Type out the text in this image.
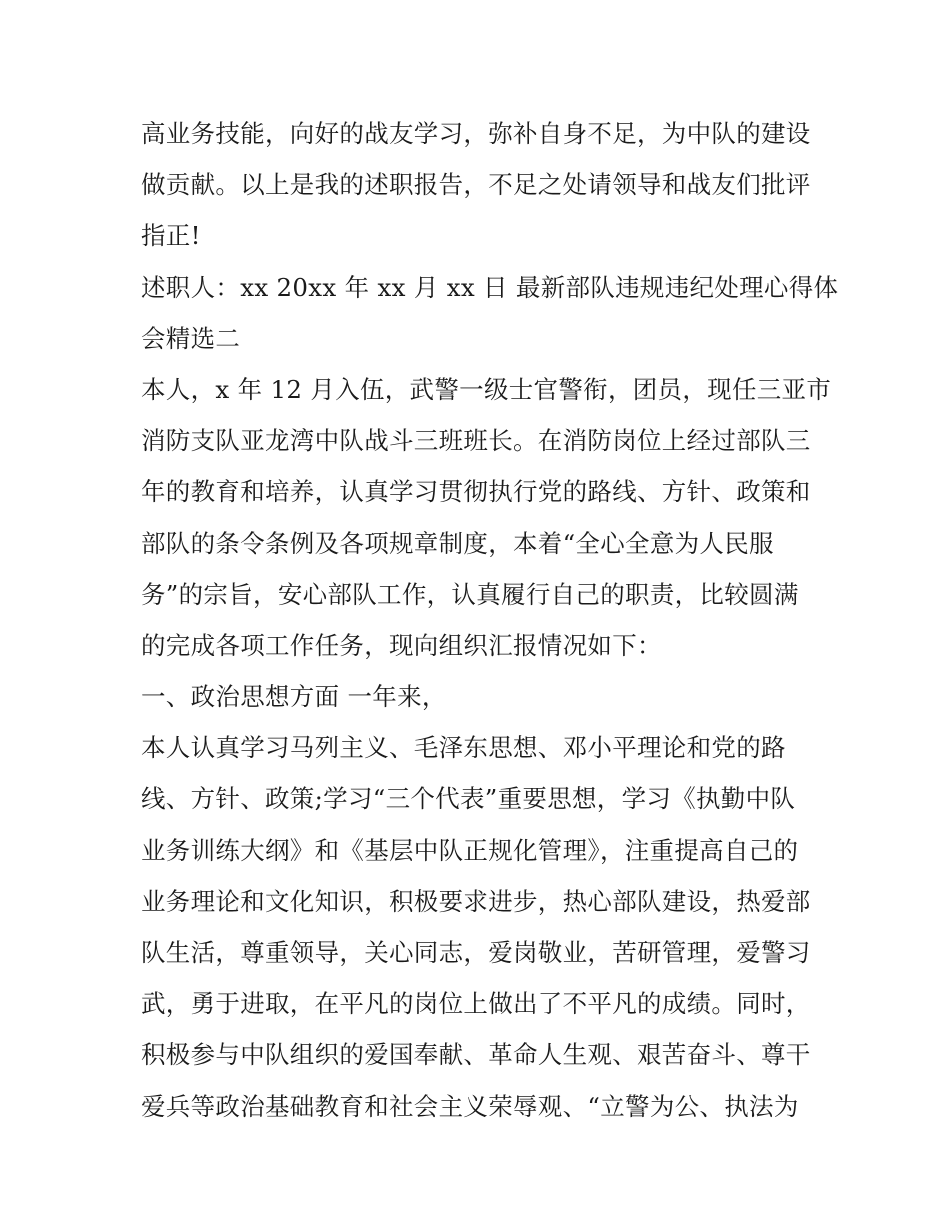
高业务技能，向好的战友学习，弥补自身不足，为中队的建设
做贡献。以上是我的述职报告，不足之处请领导和战友们批评
指正!
述职人：xx 20xx 年 xx 月 xx 日 最新部队违规违纪处理心得体
会精选二
本人，x 年 12 月入伍，武警一级士官警衔，团员，现任三亚市
消防支队亚龙湾中队战斗三班班长。在消防岗位上经过部队三
年的教育和培养，认真学习贯彻执行党的路线、方针、政策和
部队的条令条例及各项规章制度，本着“全心全意为人民服
务”的宗旨，安心部队工作，认真履行自己的职责，比较圆满
的完成各项工作任务，现向组织汇报情况如下：
一、政治思想方面 一年来，
本人认真学习马列主义、毛泽东思想、邓小平理论和党的路
线、方针、政策;学习“三个代表”重要思想，学习《执勤中队
业务训练大纲》和《基层中队正规化管理》，注重提高自己的
业务理论和文化知识，积极要求进步，热心部队建设，热爱部
队生活，尊重领导，关心同志，爱岗敬业，苦研管理，爱警习
武，勇于进取，在平凡的岗位上做出了不平凡的成绩。同时，
积极参与中队组织的爱国奉献、革命人生观、艰苦奋斗、尊干
爱兵等政治基础教育和社会主义荣辱观、“立警为公、执法为
